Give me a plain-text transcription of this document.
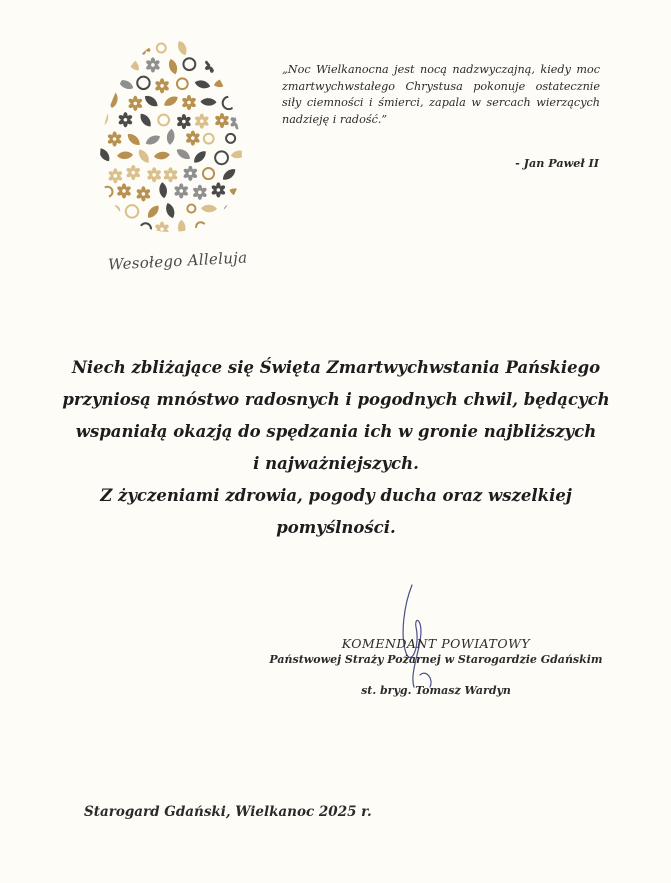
Wesołego Alleluja
„Noc Wielkanocna jest nocą nadzwyczajną, kiedy moc zmartwychwstałego Chrystusa pokonuje ostatecznie siły ciemności i śmierci, zapala w sercach wierzących nadzieję i radość.”
- Jan Paweł II

Niech zbliżające się Święta Zmartwychwstania Pańskiego

przyniosą mnóstwo radosnych i pogodnych chwil, będących

wspaniałą okazją do spędzania ich w gronie najbliższych

i najważniejszych.

Z życzeniami zdrowia, pogody ducha oraz wszelkiej

pomyślności.

KOMENDANT POWIATOWY
Państwowej Straży Pożarnej w Starogardzie Gdańskim
st. bryg. Tomasz Wardyn
Starogard Gdański, Wielkanoc 2025 r.
